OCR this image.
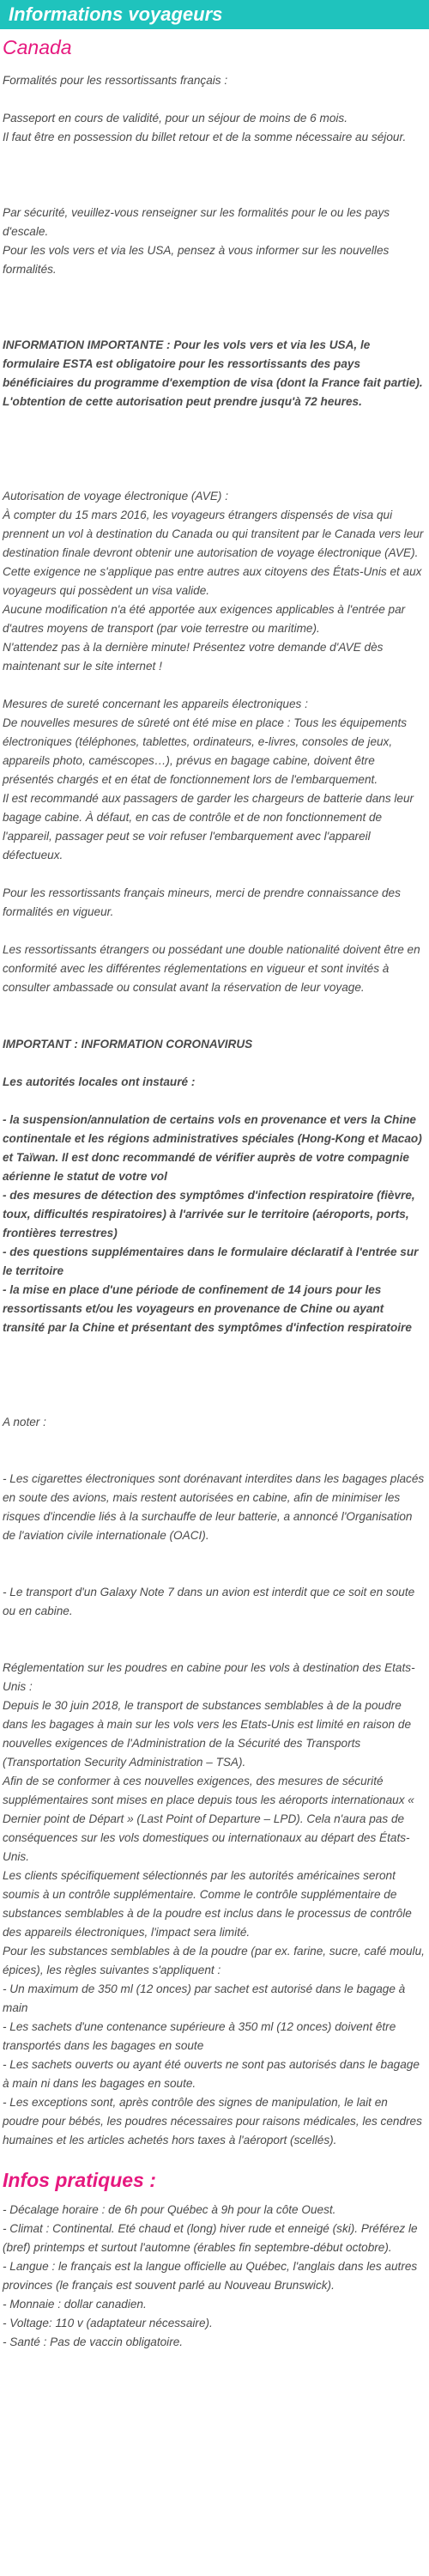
Informations voyageurs
Canada

Formalités pour les ressortissants français :

Passeport en cours de validité, pour un séjour de moins de 6 mois.

Il faut être en possession du billet retour et de la somme nécessaire au séjour.

Par sécurité, veuillez-vous renseigner sur les formalités pour le ou les pays d'escale.

Pour les vols vers et via les USA, pensez à vous informer sur les nouvelles formalités.

INFORMATION IMPORTANTE : Pour les vols vers et via les USA, le formulaire ESTA est obligatoire pour les ressortissants des pays bénéficiaires du programme d'exemption de visa (dont la France fait partie). L'obtention de cette autorisation peut prendre jusqu'à 72 heures.

Autorisation de voyage électronique (AVE) :

À compter du 15 mars 2016, les voyageurs étrangers dispensés de visa qui prennent un vol à destination du Canada ou qui transitent par le Canada vers leur destination finale devront obtenir une autorisation de voyage électronique (AVE).

Cette exigence ne s'applique pas entre autres aux citoyens des États-Unis et aux voyageurs qui possèdent un visa valide.

Aucune modification n'a été apportée aux exigences applicables à l'entrée par d'autres moyens de transport (par voie terrestre ou maritime).

N'attendez pas à la dernière minute! Présentez votre demande d'AVE dès maintenant sur le site internet !

Mesures de sureté concernant les appareils électroniques :

De nouvelles mesures de sûreté ont été mise en place : Tous les équipements électroniques (téléphones, tablettes, ordinateurs, e-livres, consoles de jeux, appareils photo, caméscopes…), prévus en bagage cabine, doivent être présentés chargés et en état de fonctionnement lors de l'embarquement.

Il est recommandé aux passagers de garder les chargeurs de batterie dans leur bagage cabine. À défaut, en cas de contrôle et de non fonctionnement de l'appareil, passager peut se voir refuser l'embarquement avec l'appareil défectueux.

Pour les ressortissants français mineurs, merci de prendre connaissance des formalités en vigueur.

Les ressortissants étrangers ou possédant une double nationalité doivent être en conformité avec les différentes réglementations en vigueur et sont invités à consulter ambassade ou consulat avant la réservation de leur voyage.

IMPORTANT : INFORMATION CORONAVIRUS

Les autorités locales ont instauré :

- la suspension/annulation de certains vols en provenance et vers la Chine continentale et les régions administratives spéciales (Hong-Kong et Macao) et Taïwan. Il est donc recommandé de vérifier auprès de votre compagnie aérienne le statut de votre vol

- des mesures de détection des symptômes d'infection respiratoire (fièvre, toux, difficultés respiratoires) à l'arrivée sur le territoire (aéroports, ports, frontières terrestres)

- des questions supplémentaires dans le formulaire déclaratif à l'entrée sur le territoire

- la mise en place d'une période de confinement de 14 jours pour les ressortissants et/ou les voyageurs en provenance de Chine ou ayant transité par la Chine et présentant des symptômes d'infection respiratoire

A noter :

- Les cigarettes électroniques sont dorénavant interdites dans les bagages placés en soute des avions, mais restent autorisées en cabine, afin de minimiser les risques d'incendie liés à la surchauffe de leur batterie, a annoncé l'Organisation de l'aviation civile internationale (OACI).

- Le transport d'un Galaxy Note 7 dans un avion est interdit que ce soit en soute ou en cabine.

Réglementation sur les poudres en cabine pour les vols à destination des Etats-Unis :

Depuis le 30 juin 2018, le transport de substances semblables à de la poudre dans les bagages à main sur les vols vers les Etats-Unis est limité en raison de nouvelles exigences de l'Administration de la Sécurité des Transports (Transportation Security Administration – TSA).

Afin de se conformer à ces nouvelles exigences, des mesures de sécurité supplémentaires sont mises en place depuis tous les aéroports internationaux « Dernier point de Départ » (Last Point of Departure – LPD). Cela n'aura pas de conséquences sur les vols domestiques ou internationaux au départ des États-Unis.

Les clients spécifiquement sélectionnés par les autorités américaines seront soumis à un contrôle supplémentaire. Comme le contrôle supplémentaire de substances semblables à de la poudre est inclus dans le processus de contrôle des appareils électroniques, l'impact sera limité.

Pour les substances semblables à de la poudre (par ex. farine, sucre, café moulu, épices), les règles suivantes s'appliquent :

- Un maximum de 350 ml (12 onces) par sachet est autorisé dans le bagage à main

- Les sachets d'une contenance supérieure à 350 ml (12 onces) doivent être transportés dans les bagages en soute

- Les sachets ouverts ou ayant été ouverts ne sont pas autorisés dans le bagage à main ni dans les bagages en soute.

- Les exceptions sont, après contrôle des signes de manipulation, le lait en poudre pour bébés, les poudres nécessaires pour raisons médicales, les cendres humaines et les articles achetés hors taxes à l'aéroport (scellés).

Infos pratiques :

- Décalage horaire : de 6h pour Québec à 9h pour la côte Ouest.

- Climat : Continental. Eté chaud et (long) hiver rude et enneigé (ski). Préférez le (bref) printemps et surtout l'automne (érables fin septembre-début octobre).

- Langue : le français est la langue officielle au Québec, l'anglais dans les autres provinces (le français est souvent parlé au Nouveau Brunswick).

- Monnaie : dollar canadien.

- Voltage: 110 v (adaptateur nécessaire).

- Santé : Pas de vaccin obligatoire.
